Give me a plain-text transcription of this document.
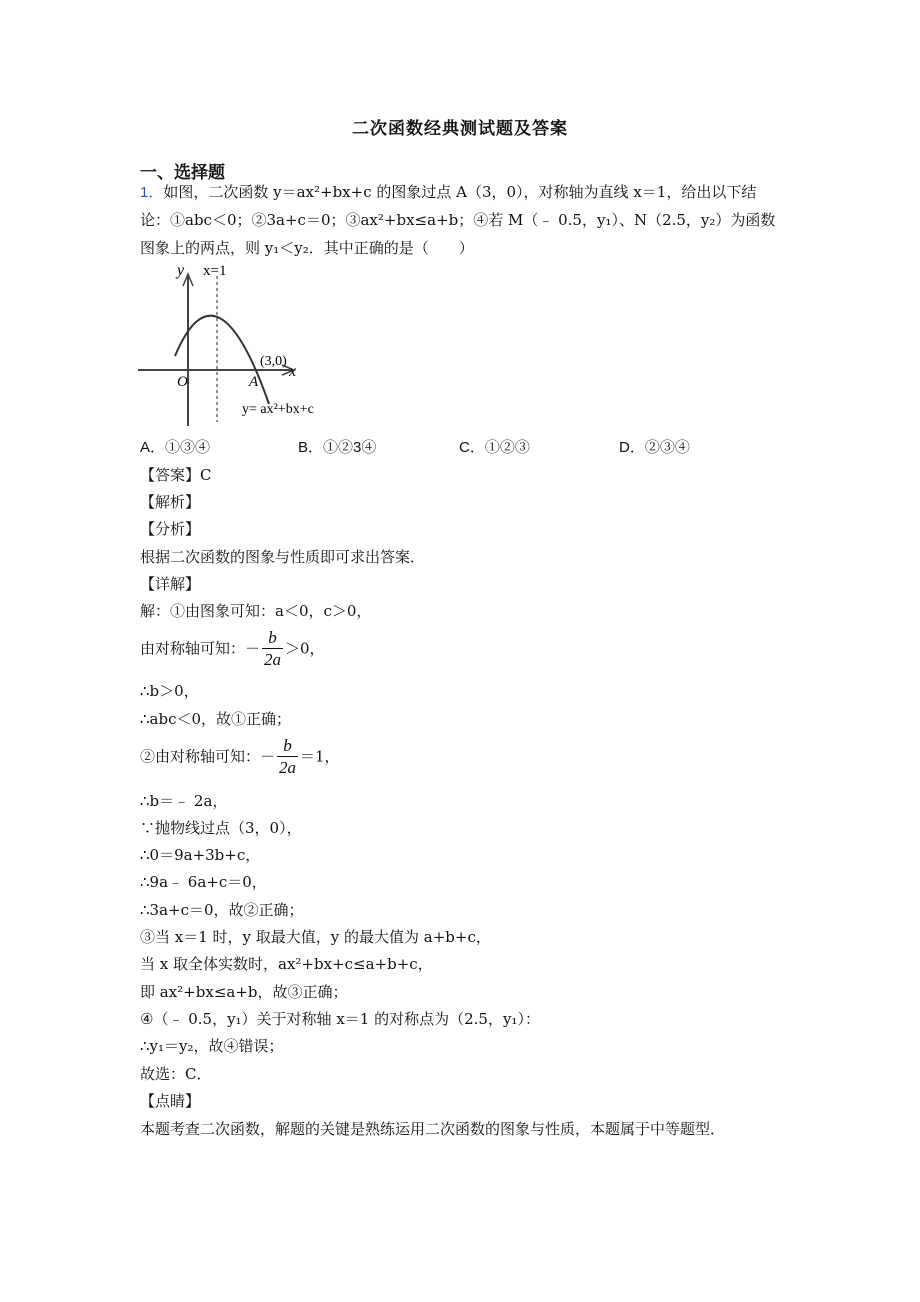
二次函数经典测试题及答案
一、选择题
1．如图，二次函数 y＝ax²+bx+c 的图象过点 A（3，0），对称轴为直线 x＝1，给出以下结
论：①abc＜0；②3a+c＝0；③ax²+bx≤a+b；④若 M（﹣ 0.5，y₁）、N（2.5，y₂）为函数
图象上的两点，则 y₁＜y₂．其中正确的是（　　）
y x=1
O	A
(3,0)
x
y= ax²+bx+c
A．①③④	B．①②3④	C．①②③	D．②③④
【答案】C
【解析】
【分析】
根据二次函数的图象与性质即可求出答案．
【详解】
解：①由图象可知：a＜0，c＞0，
由对称轴可知：－ $\frac{b}{2a} >0$，
∴b＞0，
∴abc＜0，故①正确；
②由对称轴可知：－ $\frac{b}{2a} =1$，
∴b＝﹣ 2a，
∵抛物线过点（3，0），
∴0＝9a+3b+c，
∴9a﹣ 6a+c＝0，
∴3a+c＝0，故②正确；
③当 x＝1 时，y 取最大值，y 的最大值为 a+b+c，
当 x 取全体实数时，ax²+bx+c≤a+b+c，
即 ax²+bx≤a+b，故③正确；
④（﹣ 0.5，y₁）关于对称轴 x＝1 的对称点为（2.5，y₁）：
∴y₁＝y₂，故④错误；
故选：C．
【点睛】
本题考查二次函数，解题的关键是熟练运用二次函数的图象与性质，本题属于中等题型．
